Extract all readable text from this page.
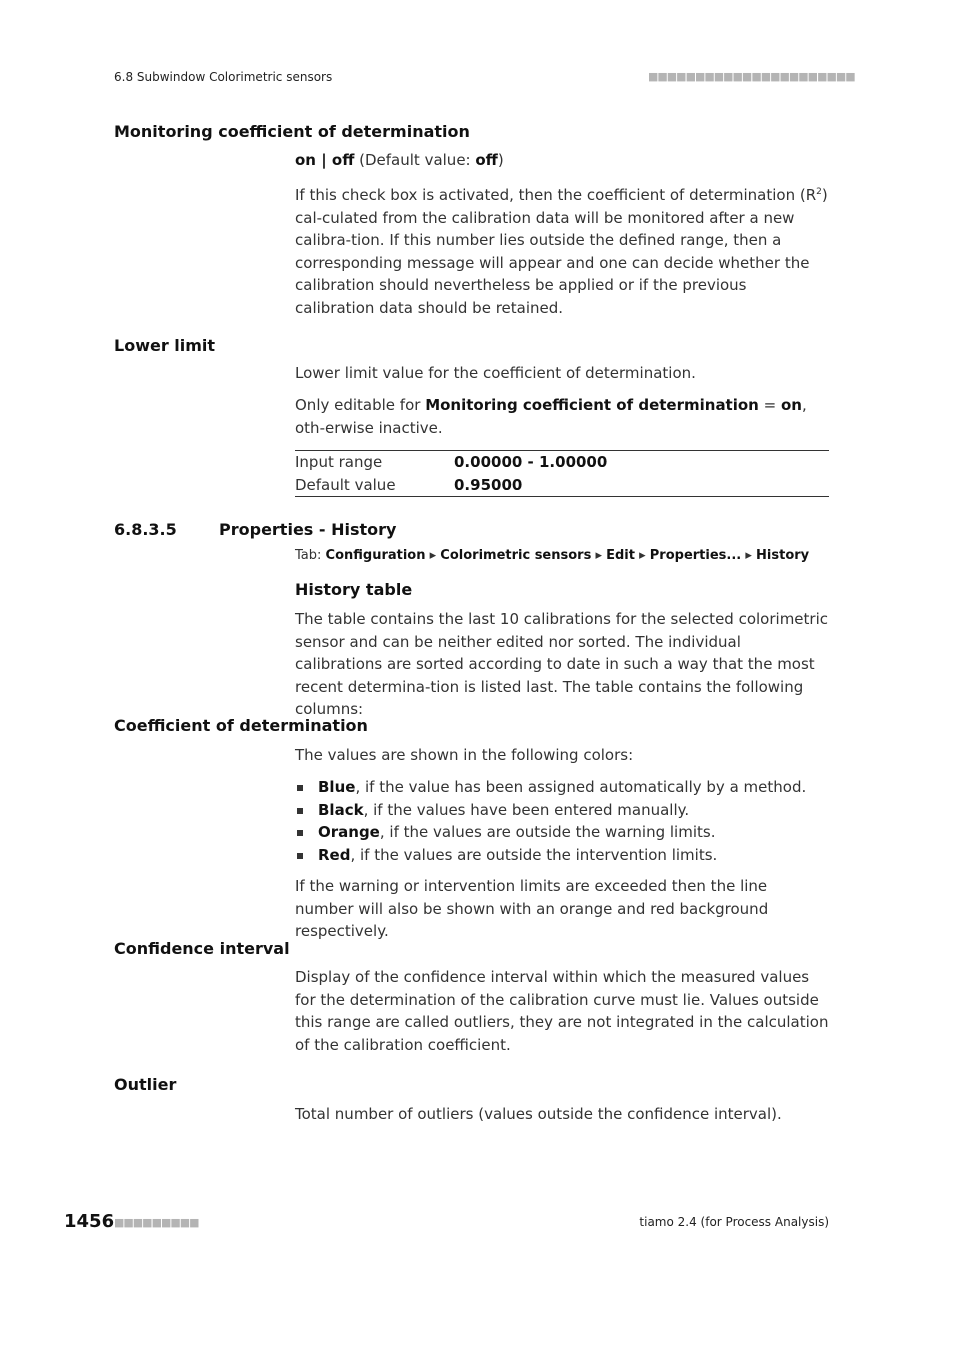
6.8 Subwindow Colorimetric sensors	■■■■■■■■■■■■■■■■■■■■■■
Monitoring coefficient of determination
on | off (Default value: off)
If this check box is activated, then the coefficient of determination $(R^2)$ cal-culated from the calibration data will be monitored after a new calibra-tion. If this number lies outside the defined range, then a corresponding message will appear and one can decide whether the calibration should nevertheless be applied or if the previous calibration data should be retained.
Lower limit
Lower limit value for the coefficient of determination.
Only editable for Monitoring coefficient of determination = on, oth-erwise inactive.
Input range	0.00000 - 1.00000
Default value	0.95000
6.8.3.5	Properties - History
Tab: Configuration ▸ Colorimetric sensors ▸ Edit ▸ Properties... ▸ History
History table
The table contains the last 10 calibrations for the selected colorimetric sensor and can be neither edited nor sorted. The individual calibrations are sorted according to date in such a way that the most recent determina-tion is listed last. The table contains the following columns:
Coefficient of determination
The values are shown in the following colors:
Blue, if the value has been assigned automatically by a method.
Black, if the values have been entered manually.
Orange, if the values are outside the warning limits.
Red, if the values are outside the intervention limits.
If the warning or intervention limits are exceeded then the line number will also be shown with an orange and red background respectively.
Confidence interval
Display of the confidence interval within which the measured values for the determination of the calibration curve must lie. Values outside this range are called outliers, they are not integrated in the calculation of the calibration coefficient.
Outlier
Total number of outliers (values outside the confidence interval).
1456 ■■■■■■■■■	tiamo 2.4 (for Process Analysis)
